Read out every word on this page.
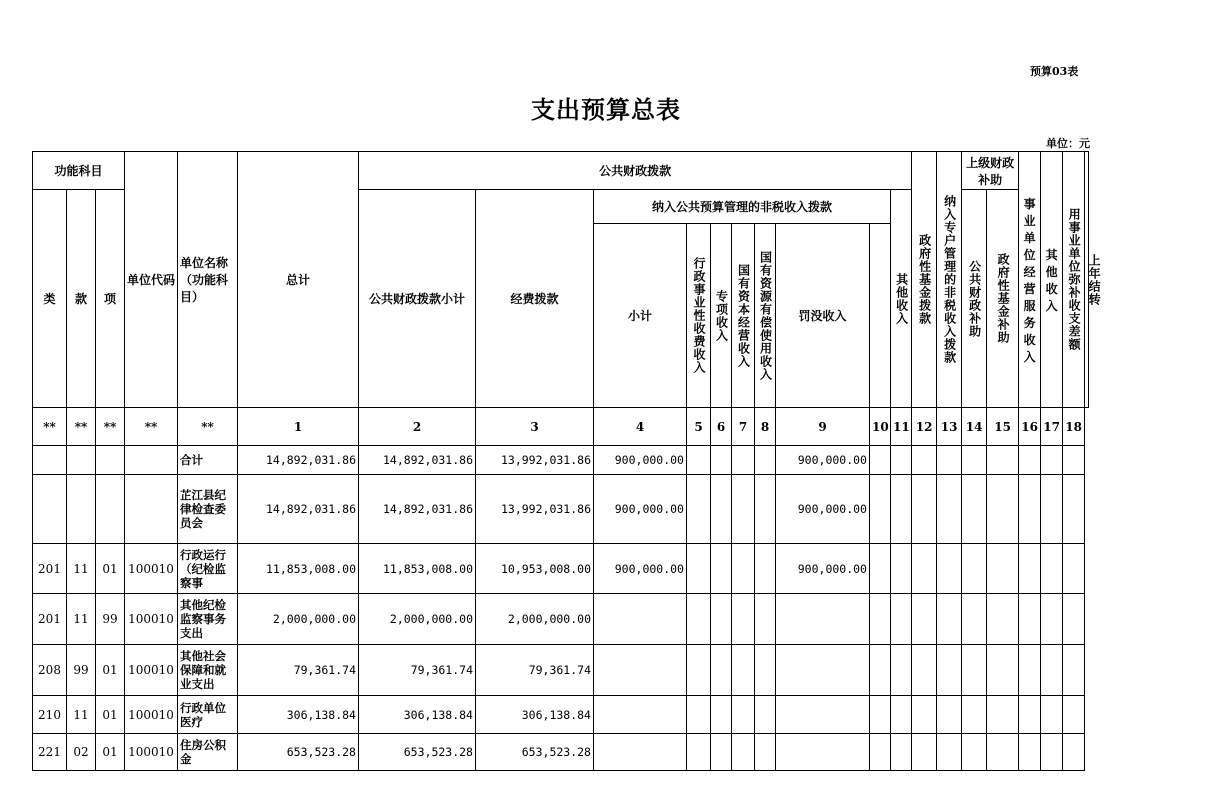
预算03表
支出预算总表
单位：元
功能科目			单位代码	单位名称（功能科目）	总计	公共财政拨款										政府性基金拨款	纳入专户管理的非税收入拨款	上级财政补助		事业单位经营服务收入	其他收入	用事业单位弥补收支差额	上年结转

类	款	项				公共财政拨款小计	经费拨款	纳入公共预算管理的非税收入拨款							其他收入			公共财政补助	政府性基金补助				

								小计	行政事业性收费收入	专项收入	国有资本经营收入	国有资源有偿使用收入	罚没收入										
**	**	**	**	**	1	2	3	4	5	6	7	8	9	10	11	12	13	14	15	16	17	18	
				合计	14,892,031.86	14,892,031.86	13,992,031.86	900,000.00					900,000.00										
				芷江县纪律检查委员会	14,892,031.86	14,892,031.86	13,992,031.86	900,000.00					900,000.00										
201	11	01	100010	行政运行（纪检监察事	11,853,008.00	11,853,008.00	10,953,008.00	900,000.00					900,000.00										
201	11	99	100010	其他纪检监察事务支出	2,000,000.00	2,000,000.00	2,000,000.00																
208	99	01	100010	其他社会保障和就业支出	79,361.74	79,361.74	79,361.74																
210	11	01	100010	行政单位医疗	306,138.84	306,138.84	306,138.84																
221	02	01	100010	住房公积金	653,523.28	653,523.28	653,523.28																
